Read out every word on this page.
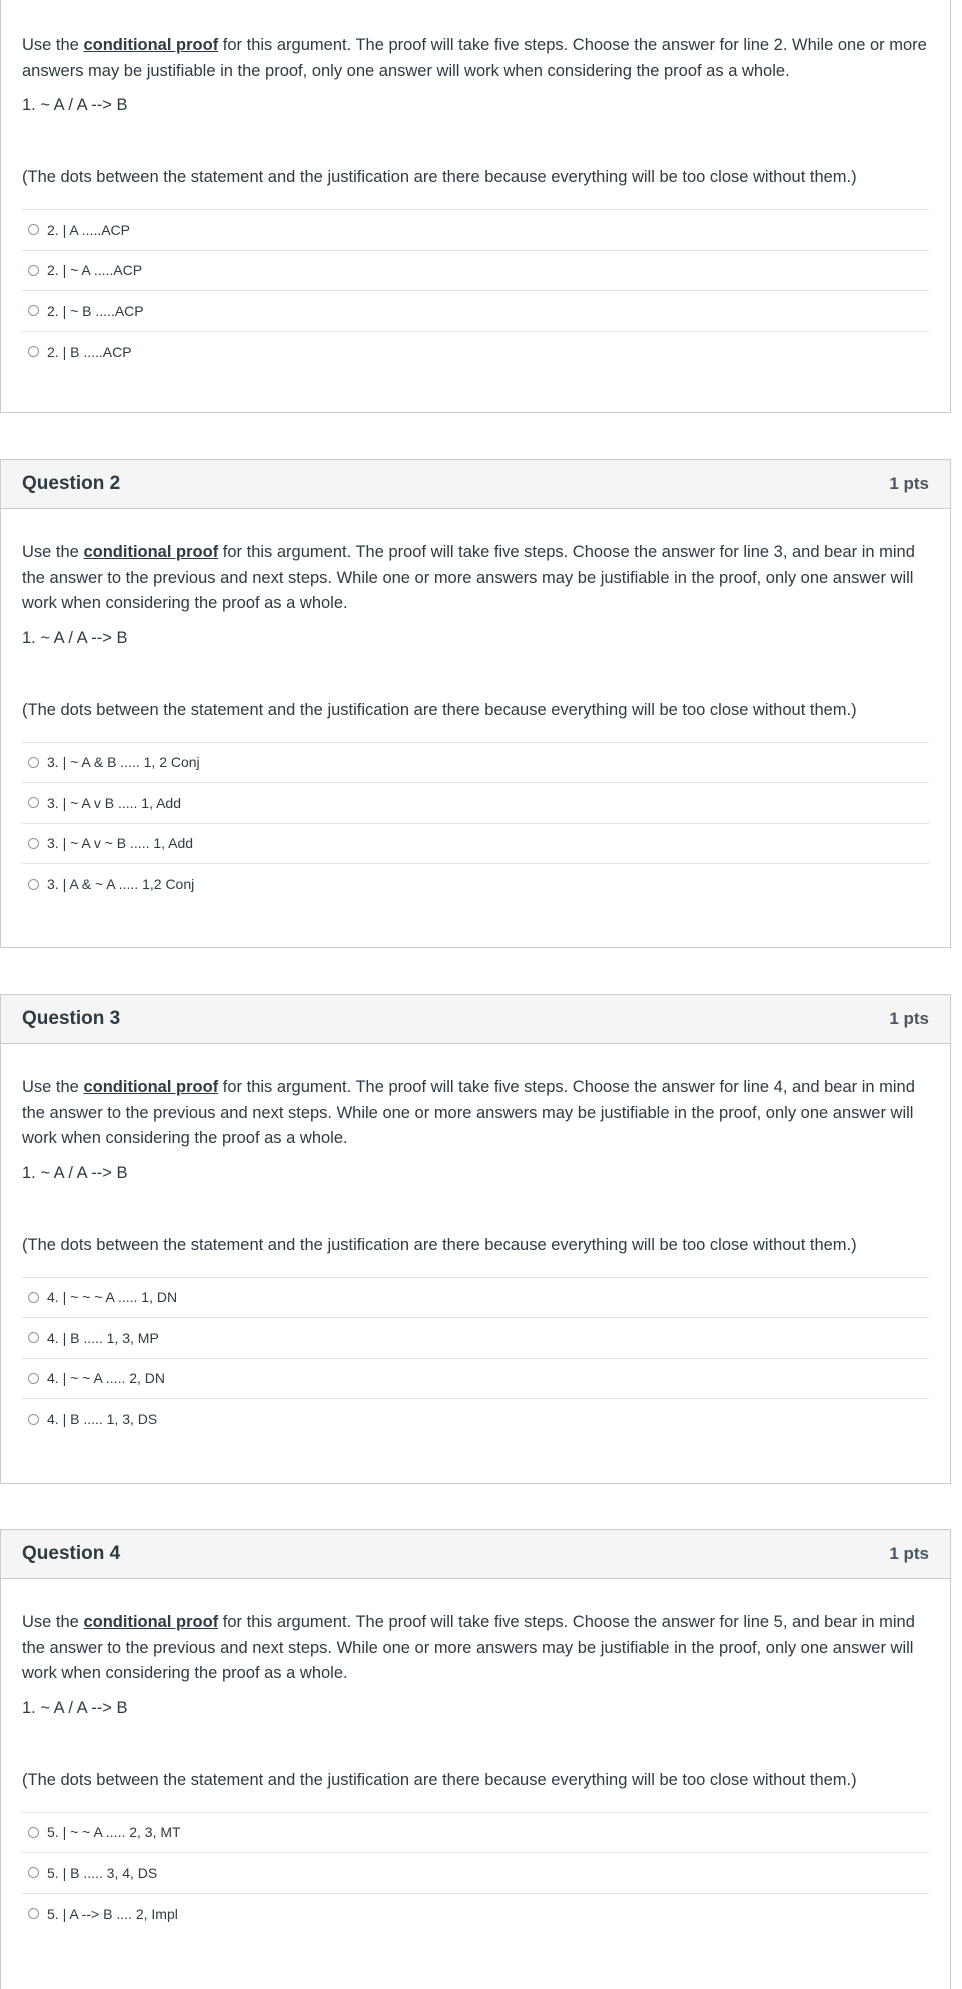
Use the conditional proof for this argument. The proof will take five steps. Choose the answer for line 2. While one or more answers may be justifiable in the proof, only one answer will work when considering the proof as a whole.

1. ~ A / A --> B

(The dots between the statement and the justification are there because everything will be too close without them.)

2. | A .....ACP
2. | ~ A .....ACP
2. | ~ B .....ACP
2. | B .....ACP
Question 2	1 pts

Use the conditional proof for this argument. The proof will take five steps. Choose the answer for line 3, and bear in mind the answer to the previous and next steps. While one or more answers may be justifiable in the proof, only one answer will work when considering the proof as a whole.

1. ~ A / A --> B

(The dots between the statement and the justification are there because everything will be too close without them.)

3. | ~ A & B ..... 1, 2 Conj
3. | ~ A v B ..... 1, Add
3. | ~ A v ~ B ..... 1, Add
3. | A & ~ A ..... 1,2 Conj
Question 3	1 pts

Use the conditional proof for this argument. The proof will take five steps. Choose the answer for line 4, and bear in mind the answer to the previous and next steps. While one or more answers may be justifiable in the proof, only one answer will work when considering the proof as a whole.

1. ~ A / A --> B

(The dots between the statement and the justification are there because everything will be too close without them.)

4. | ~ ~ ~ A ..... 1, DN
4. | B ..... 1, 3, MP
4. | ~ ~ A ..... 2, DN
4. | B ..... 1, 3, DS
Question 4	1 pts

Use the conditional proof for this argument. The proof will take five steps. Choose the answer for line 5, and bear in mind the answer to the previous and next steps. While one or more answers may be justifiable in the proof, only one answer will work when considering the proof as a whole.

1. ~ A / A --> B

(The dots between the statement and the justification are there because everything will be too close without them.)

5. | ~ ~ A ..... 2, 3, MT
5. | B ..... 3, 4, DS
5. | A --> B .... 2, Impl
